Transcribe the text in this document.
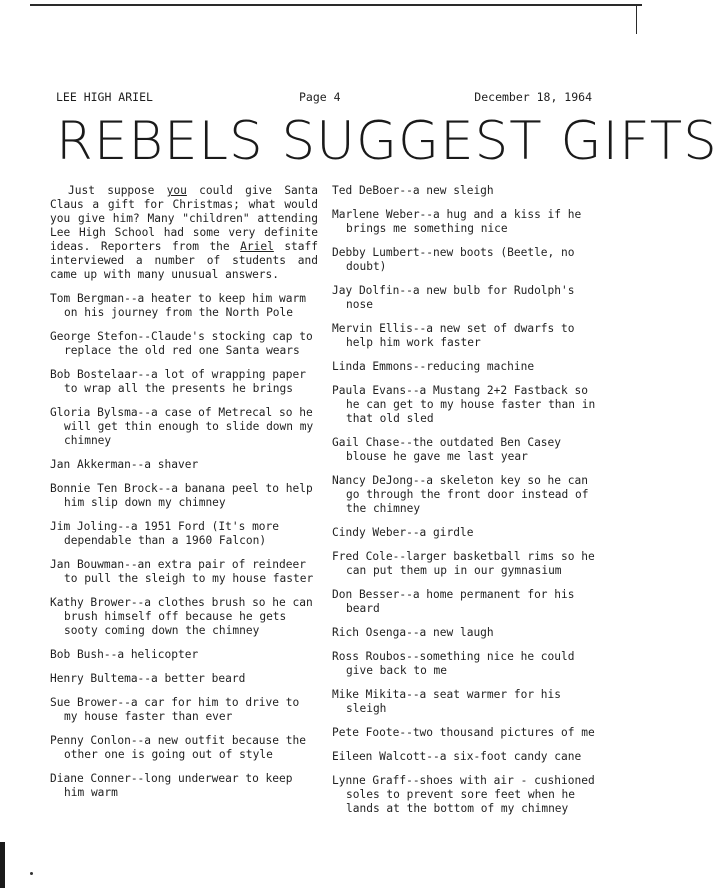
LEE HIGH ARIEL	Page 4	December 18, 1964
REBELS SUGGEST GIFTS

Just suppose you could give Santa Claus a gift for Christmas; what would you give him? Many "children" attending Lee High School had some very definite ideas. Reporters from the Ariel staff interviewed a number of students and came up with many unusual answers.

Tom Bergman--a heater to keep him warm on his journey from the North Pole
George Stefon--Claude's stocking cap to replace the old red one Santa wears
Bob Bostelaar--a lot of wrapping paper to wrap all the presents he brings
Gloria Bylsma--a case of Metrecal so he will get thin enough to slide down my chimney
Jan Akkerman--a shaver
Bonnie Ten Brock--a banana peel to help him slip down my chimney
Jim Joling--a 1951 Ford (It's more dependable than a 1960 Falcon)
Jan Bouwman--an extra pair of reindeer to pull the sleigh to my house faster
Kathy Brower--a clothes brush so he can brush himself off because he gets sooty coming down the chimney
Bob Bush--a helicopter
Henry Bultema--a better beard
Sue Brower--a car for him to drive to my house faster than ever
Penny Conlon--a new outfit because the other one is going out of style
Diane Conner--long underwear to keep him warm
Ted DeBoer--a new sleigh
Marlene Weber--a hug and a kiss if he brings me something nice
Debby Lumbert--new boots (Beetle, no doubt)
Jay Dolfin--a new bulb for Rudolph's nose
Mervin Ellis--a new set of dwarfs to help him work faster
Linda Emmons--reducing machine
Paula Evans--a Mustang 2+2 Fastback so he can get to my house faster than in that old sled
Gail Chase--the outdated Ben Casey blouse he gave me last year
Nancy DeJong--a skeleton key so he can go through the front door instead of the chimney
Cindy Weber--a girdle
Fred Cole--larger basketball rims so he can put them up in our gymnasium
Don Besser--a home permanent for his beard
Rich Osenga--a new laugh
Ross Roubos--something nice he could give back to me
Mike Mikita--a seat warmer for his sleigh
Pete Foote--two thousand pictures of me
Eileen Walcott--a six-foot candy cane
Lynne Graff--shoes with air - cushioned soles to prevent sore feet when he lands at the bottom of my chimney
